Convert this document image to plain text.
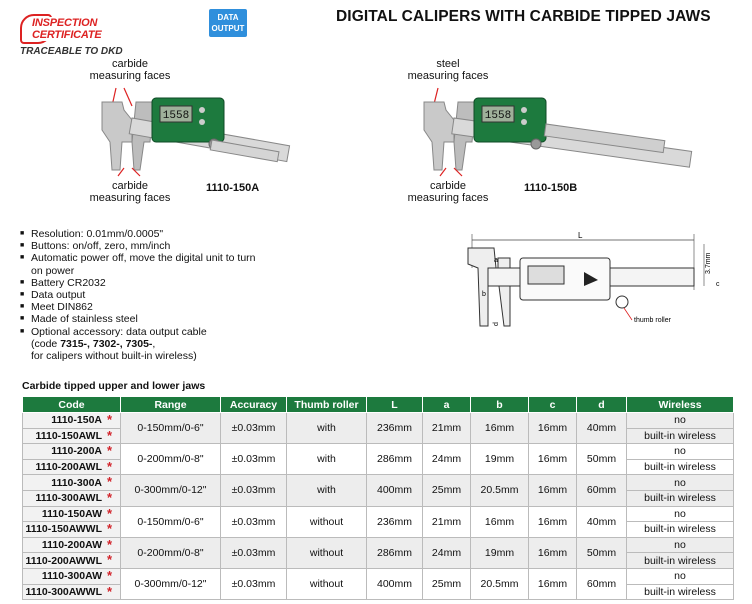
INSPECTION
CERTIFICATE
TRACEABLE TO DKD
DATA
OUTPUT
DIGITAL CALIPERS WITH CARBIDE TIPPED JAWS
carbide
measuring faces
1558	1558
carbide
measuring faces
1110-150A
steel
measuring faces
carbide
measuring faces
1110-150B
■ Resolution: 0.01mm/0.0005"
■ Buttons: on/off, zero, mm/inch
■ Automatic power off, move the digital unit to turn on power
■ Battery CR2032
■ Data output
■ Meet DIN862
■ Made of stainless steel
■ Optional accessory: data output cable
(code 7315-, 7302-, 7305-,
for calipers without built-in wireless)
L
thumb roller
a
b
d
c
3.7mm
Carbide tipped upper and lower jaws
Code	Range	Accuracy	Thumb roller	L	a	b	c	d	Wireless
1110-150A *	0-150mm/0-6"	±0.03mm	with	236mm	21mm	16mm	16mm	40mm	no
1110-150AWL *									built-in wireless
1110-200A *	0-200mm/0-8"	±0.03mm	with	286mm	24mm	19mm	16mm	50mm	no
1110-200AWL *									built-in wireless
1110-300A *	0-300mm/0-12"	±0.03mm	with	400mm	25mm	20.5mm	16mm	60mm	no
1110-300AWL *									built-in wireless
1110-150AW *	0-150mm/0-6"	±0.03mm	without	236mm	21mm	16mm	16mm	40mm	no
1110-150AWWL *									built-in wireless
1110-200AW *	0-200mm/0-8"	±0.03mm	without	286mm	24mm	19mm	16mm	50mm	no
1110-200AWWL *									built-in wireless
1110-300AW *	0-300mm/0-12"	±0.03mm	without	400mm	25mm	20.5mm	16mm	60mm	no
1110-300AWWL *									built-in wireless
